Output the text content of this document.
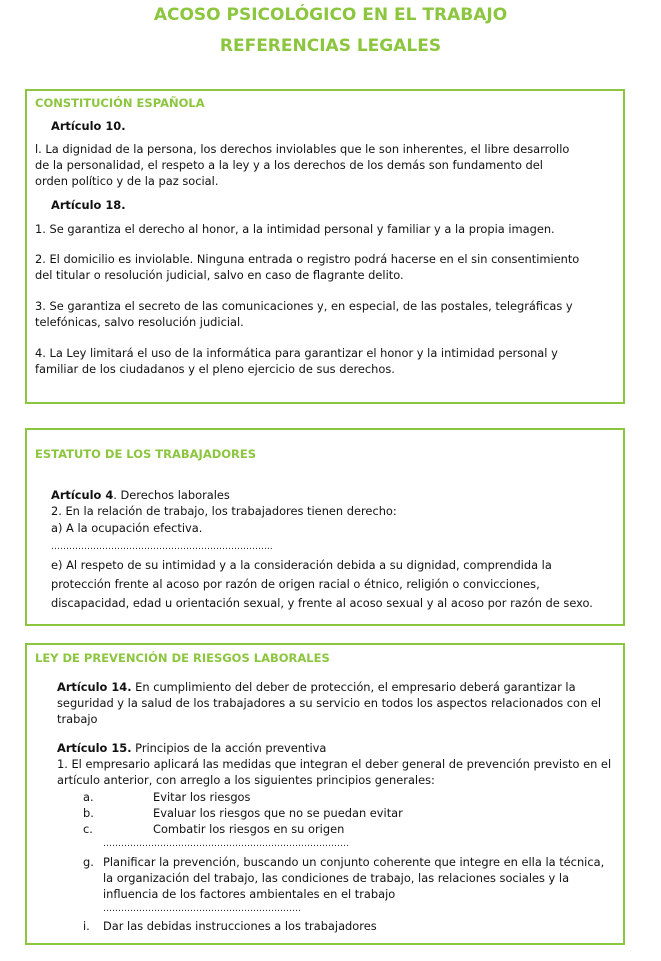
ACOSO PSICOLÓGICO EN EL TRABAJO
REFERENCIAS LEGALES
CONSTITUCIÓN ESPAÑOLA
Artículo 10.
l. La dignidad de la persona, los derechos inviolables que le son inherentes, el libre desarrollo
de la personalidad, el respeto a la ley y a los derechos de los demás son fundamento del
orden político y de la paz social.
Artículo 18.
1. Se garantiza el derecho al honor, a la intimidad personal y familiar y a la propia imagen.
2. El domicilio es inviolable. Ninguna entrada o registro podrá hacerse en el sin consentimiento
del titular o resolución judicial, salvo en caso de flagrante delito.
3. Se garantiza el secreto de las comunicaciones y, en especial, de las postales, telegráficas y
telefónicas, salvo resolución judicial.
4. La Ley limitará el uso de la informática para garantizar el honor y la intimidad personal y
familiar de los ciudadanos y el pleno ejercicio de sus derechos.
ESTATUTO DE LOS TRABAJADORES
Artículo 4. Derechos laborales
2. En la relación de trabajo, los trabajadores tienen derecho:
a) A la ocupación efectiva.
………………………………………………………………..
e) Al respeto de su intimidad y a la consideración debida a su dignidad, comprendida la
protección frente al acoso por razón de origen racial o étnico, religión o convicciones,
discapacidad, edad u orientación sexual, y frente al acoso sexual y al acoso por razón de sexo.
LEY DE PREVENCIÓN DE RIESGOS LABORALES
Artículo 14. En cumplimiento del deber de protección, el empresario deberá garantizar la
seguridad y la salud de los trabajadores a su servicio en todos los aspectos relacionados con el
trabajo
Artículo 15. Principios de la acción preventiva
1. El empresario aplicará las medidas que integran el deber general de prevención previsto en el
artículo anterior, con arreglo a los siguientes principios generales:
a.	Evitar los riesgos
b.	Evaluar los riesgos que no se puedan evitar
c.	Combatir los riesgos en su origen
……………………………………………………………………….
g. Planificar la prevención, buscando un conjunto coherente que integre en ella la técnica,
la organización del trabajo, las condiciones de trabajo, las relaciones sociales y la
influencia de los factores ambientales en el trabajo
…………………………………………………………
i. Dar las debidas instrucciones a los trabajadores
